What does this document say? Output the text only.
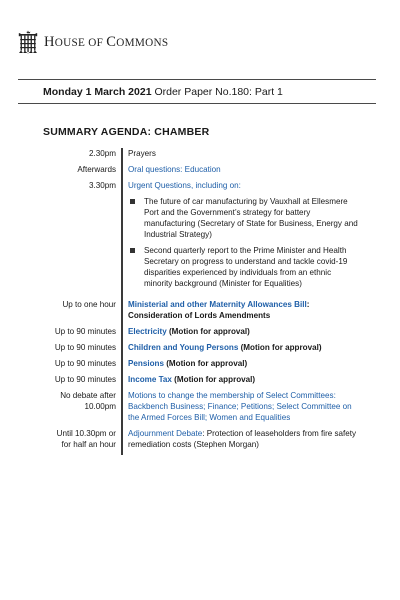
HOUSE OF COMMONS
Monday 1 March 2021 Order Paper No.180: Part 1
SUMMARY AGENDA: CHAMBER
2.30pm Prayers
Afterwards Oral questions: Education
3.30pm Urgent Questions, including on:
The future of car manufacturing by Vauxhall at Ellesmere Port and the Government’s strategy for battery manufacturing (Secretary of State for Business, Energy and Industrial Strategy)
Second quarterly report to the Prime Minister and Health Secretary on progress to understand and tackle covid-19 disparities experienced by individuals from an ethnic minority background (Minister for Equalities)
Up to one hour Ministerial and other Maternity Allowances Bill: Consideration of Lords Amendments
Up to 90 minutes Electricity (Motion for approval)
Up to 90 minutes Children and Young Persons (Motion for approval)
Up to 90 minutes Pensions (Motion for approval)
Up to 90 minutes Income Tax (Motion for approval)
No debate after
10.00pm
Motions to change the membership of Select Committees: Backbench Business; Finance; Petitions; Select Committee on the Armed Forces Bill; Women and Equalities
Until 10.30pm or
for half an hour
Adjournment Debate: Protection of leaseholders from fire safety remediation costs (Stephen Morgan)
